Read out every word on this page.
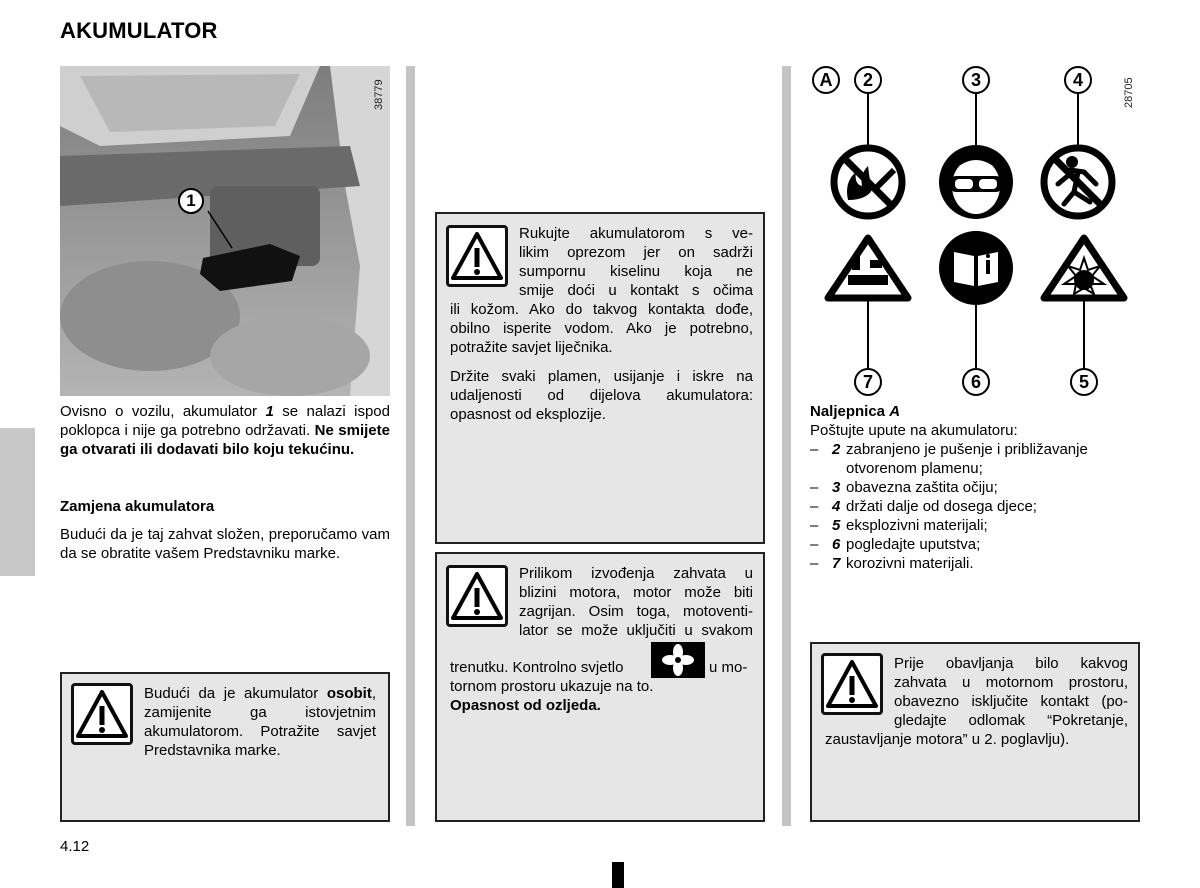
AKUMULATOR
1
38779
Ovisno o vozilu, akumulator 1 se nalazi ispod poklopca i nije ga potrebno održavati. Ne smijete ga otvarati ili dodavati bilo koju tekućinu.
Zamjena akumulatora
Budući da je taj zahvat složen, preporučamo vam da se obratite vašem Predstavniku marke.
Budući da je akumulator osobit, zamijenite ga istovjetnim akumulatorom. Potražite savjet Predstavnika marke.
Rukujte akumulatorom s ve-
likim oprezom jer on sadrži
sumpornu kiselinu koja ne
smije doći u kontakt s očima

ili kožom. Ako do takvog kontakta dođe, obilno isperite vodom. Ako je potrebno, potražite savjet liječnika.

Držite svaki plamen, usijanje i iskre na udaljenosti od dijelova akumulatora: opasnost od eksplozije.

Prilikom izvođenja zahvata u
blizini motora, motor može biti
zagrijan. Osim toga, motoventi-
lator se može uključiti u svakom
trenutku. Kontrolno svjetlo	u mo-
tornom prostoru ukazuje na to.
Opasnost od ozljeda.
A	2	3	4
7	6	5
28705
Naljepnica A
Poštujte upute na akumulatoru:
– 2 zabranjeno je pušenje i približavanje otvorenom plamenu;
– 3 obavezna zaštita očiju;
– 4 držati dalje od dosega djece;
– 5 eksplozivni materijali;
– 6 pogledajte uputstva;
– 7 korozivni materijali.
Prije obavljanja bilo kakvog
zahvata u motornom prostoru,
obavezno isključite kontakt (po-
gledajte odlomak “Pokretanje,
zaustavljanje motora” u 2. poglavlju).
4.12
